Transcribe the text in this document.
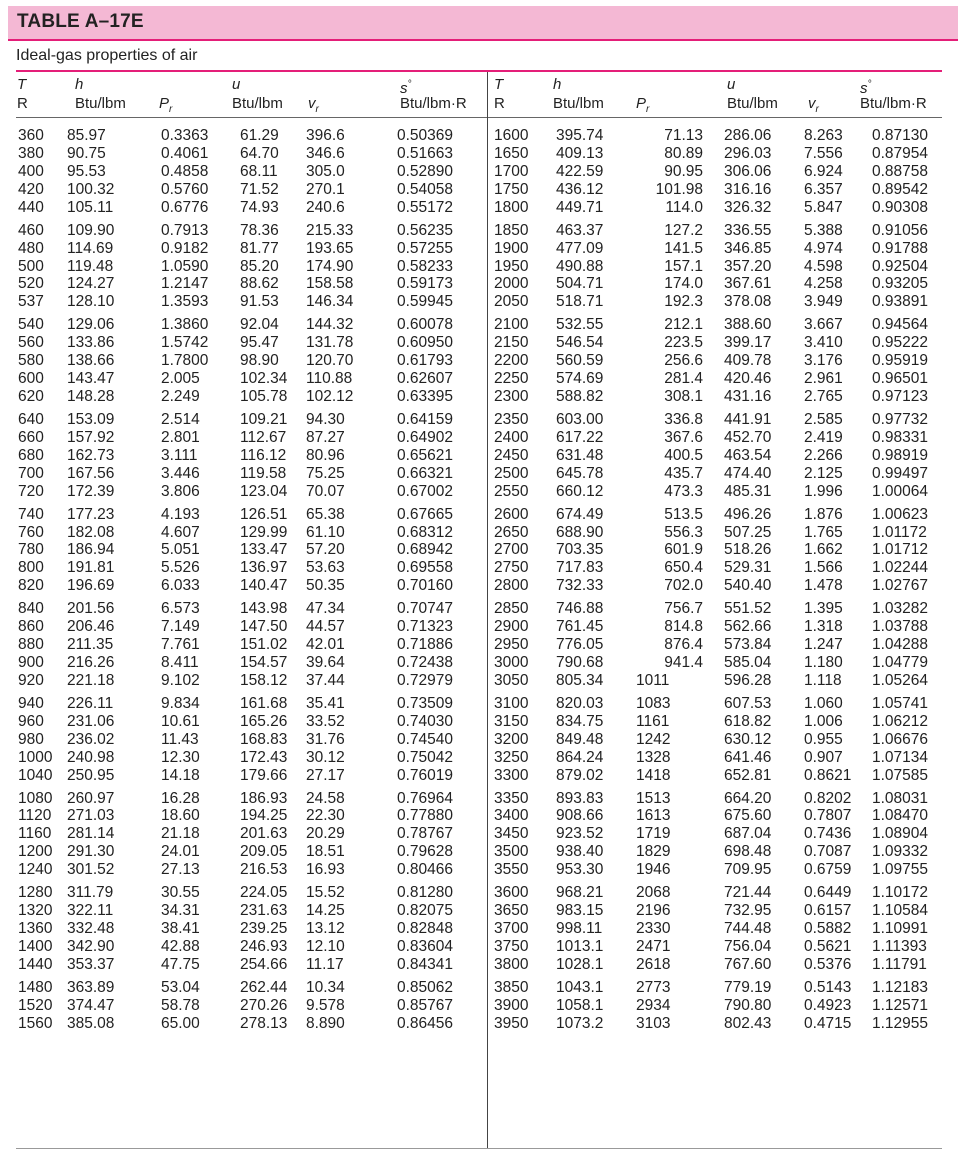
TABLE A–17E
Ideal-gas properties of air
T
R
h
Btu/lbm $P_r$
u
Btu/lbm $v_r$
s°
Btu/lbm·R
T
R
h
Btu/lbm $P_r$
u
Btu/lbm $v_r$
s°
Btu/lbm·R
360 85.97	0.3363 61.29 396.6	0.50369
380 90.75	0.4061 64.70 346.6	0.51663
400 95.53	0.4858 68.11 305.0	0.52890
420 100.32	0.5760 71.52 270.1	0.54058
440 105.11	0.6776 74.93 240.6	0.55172
460 109.90	0.7913 78.36 215.33	0.56235
480 114.69	0.9182 81.77 193.65	0.57255
500 119.48	1.0590 85.20 174.90	0.58233
520 124.27	1.2147 88.62 158.58	0.59173
537 128.10	1.3593 91.53 146.34	0.59945
540 129.06	1.3860 92.04 144.32	0.60078
560 133.86	1.5742 95.47 131.78	0.60950
580 138.66	1.7800 98.90 120.70	0.61793
600 143.47	2.005	102.34 110.88	0.62607
620 148.28	2.249	105.78 102.12	0.63395
640 153.09	2.514	109.21 94.30	0.64159
660 157.92	2.801	112.67 87.27	0.64902
680 162.73	3.111	116.12 80.96	0.65621
700 167.56	3.446	119.58 75.25	0.66321
720 172.39	3.806	123.04 70.07	0.67002
740 177.23	4.193	126.51 65.38	0.67665
760 182.08	4.607	129.99 61.10	0.68312
780 186.94	5.051	133.47 57.20	0.68942
800 191.81	5.526	136.97 53.63	0.69558
820 196.69	6.033	140.47 50.35	0.70160
840 201.56	6.573	143.98 47.34	0.70747
860 206.46	7.149	147.50 44.57	0.71323
880 211.35	7.761	151.02 42.01	0.71886
900 216.26	8.411	154.57 39.64	0.72438
920 221.18	9.102	158.12 37.44	0.72979
940 226.11	9.834	161.68 35.41	0.73509
960 231.06	10.61	165.26 33.52	0.74030
980 236.02	11.43	168.83 31.76	0.74540
1000 240.98	12.30	172.43 30.12	0.75042
1040 250.95	14.18	179.66 27.17	0.76019
1080 260.97	16.28	186.93 24.58	0.76964
1120 271.03	18.60	194.25 22.30	0.77880
1160 281.14	21.18	201.63 20.29	0.78767
1200 291.30	24.01	209.05 18.51	0.79628
1240 301.52	27.13	216.53 16.93	0.80466
1280 311.79	30.55	224.05 15.52	0.81280
1320 322.11	34.31	231.63 14.25	0.82075
1360 332.48	38.41	239.25 13.12	0.82848
1400 342.90	42.88	246.93 12.10	0.83604
1440 353.37	47.75	254.66 11.17	0.84341
1480 363.89	53.04	262.44 10.34	0.85062
1520 374.47	58.78	270.26 9.578	0.85767
1560 385.08	65.00	278.13 8.890	0.86456
1600 395.74	71.13 286.06 8.263 0.87130
1650 409.13	80.89 296.03 7.556 0.87954
1700 422.59	90.95 306.06 6.924 0.88758
1750 436.12	101.98 316.16 6.357 0.89542
1800 449.71	114.0 326.32 5.847 0.90308
1850 463.37	127.2 336.55 5.388 0.91056
1900 477.09	141.5 346.85 4.974 0.91788
1950 490.88	157.1 357.20 4.598 0.92504
2000 504.71	174.0 367.61 4.258 0.93205
2050 518.71	192.3 378.08 3.949 0.93891
2100 532.55	212.1 388.60 3.667 0.94564
2150 546.54	223.5 399.17 3.410 0.95222
2200 560.59	256.6 409.78 3.176 0.95919
2250 574.69	281.4 420.46 2.961 0.96501
2300 588.82	308.1 431.16 2.765 0.97123
2350 603.00	336.8 441.91 2.585 0.97732
2400 617.22	367.6 452.70 2.419 0.98331
2450 631.48	400.5 463.54 2.266 0.98919
2500 645.78	435.7 474.40 2.125 0.99497
2550 660.12	473.3 485.31 1.996 1.00064
2600 674.49	513.5 496.26 1.876 1.00623
2650 688.90	556.3 507.25 1.765 1.01172
2700 703.35	601.9 518.26 1.662 1.01712
2750 717.83	650.4 529.31 1.566 1.02244
2800 732.33	702.0 540.40 1.478 1.02767
2850 746.88	756.7 551.52 1.395 1.03282
2900 761.45	814.8 562.66 1.318 1.03788
2950 776.05	876.4 573.84 1.247 1.04288
3000 790.68	941.4 585.04 1.180 1.04779
3050 805.34 1011	596.28 1.118 1.05264
3100 820.03 1083	607.53 1.060 1.05741
3150 834.75 1161	618.82 1.006 1.06212
3200 849.48 1242	630.12 0.955 1.06676
3250 864.24 1328	641.46 0.907 1.07134
3300 879.02 1418	652.81 0.8621 1.07585
3350 893.83 1513	664.20 0.8202 1.08031
3400 908.66 1613	675.60 0.7807 1.08470
3450 923.52 1719	687.04 0.7436 1.08904
3500 938.40 1829	698.48 0.7087 1.09332
3550 953.30 1946	709.95 0.6759 1.09755
3600 968.21 2068	721.44 0.6449 1.10172
3650 983.15 2196	732.95 0.6157 1.10584
3700 998.11 2330	744.48 0.5882 1.10991
3750 1013.1 2471	756.04 0.5621 1.11393
3800 1028.1 2618	767.60 0.5376 1.11791
3850 1043.1 2773	779.19 0.5143 1.12183
3900 1058.1 2934	790.80 0.4923 1.12571
3950 1073.2 3103	802.43 0.4715 1.12955
